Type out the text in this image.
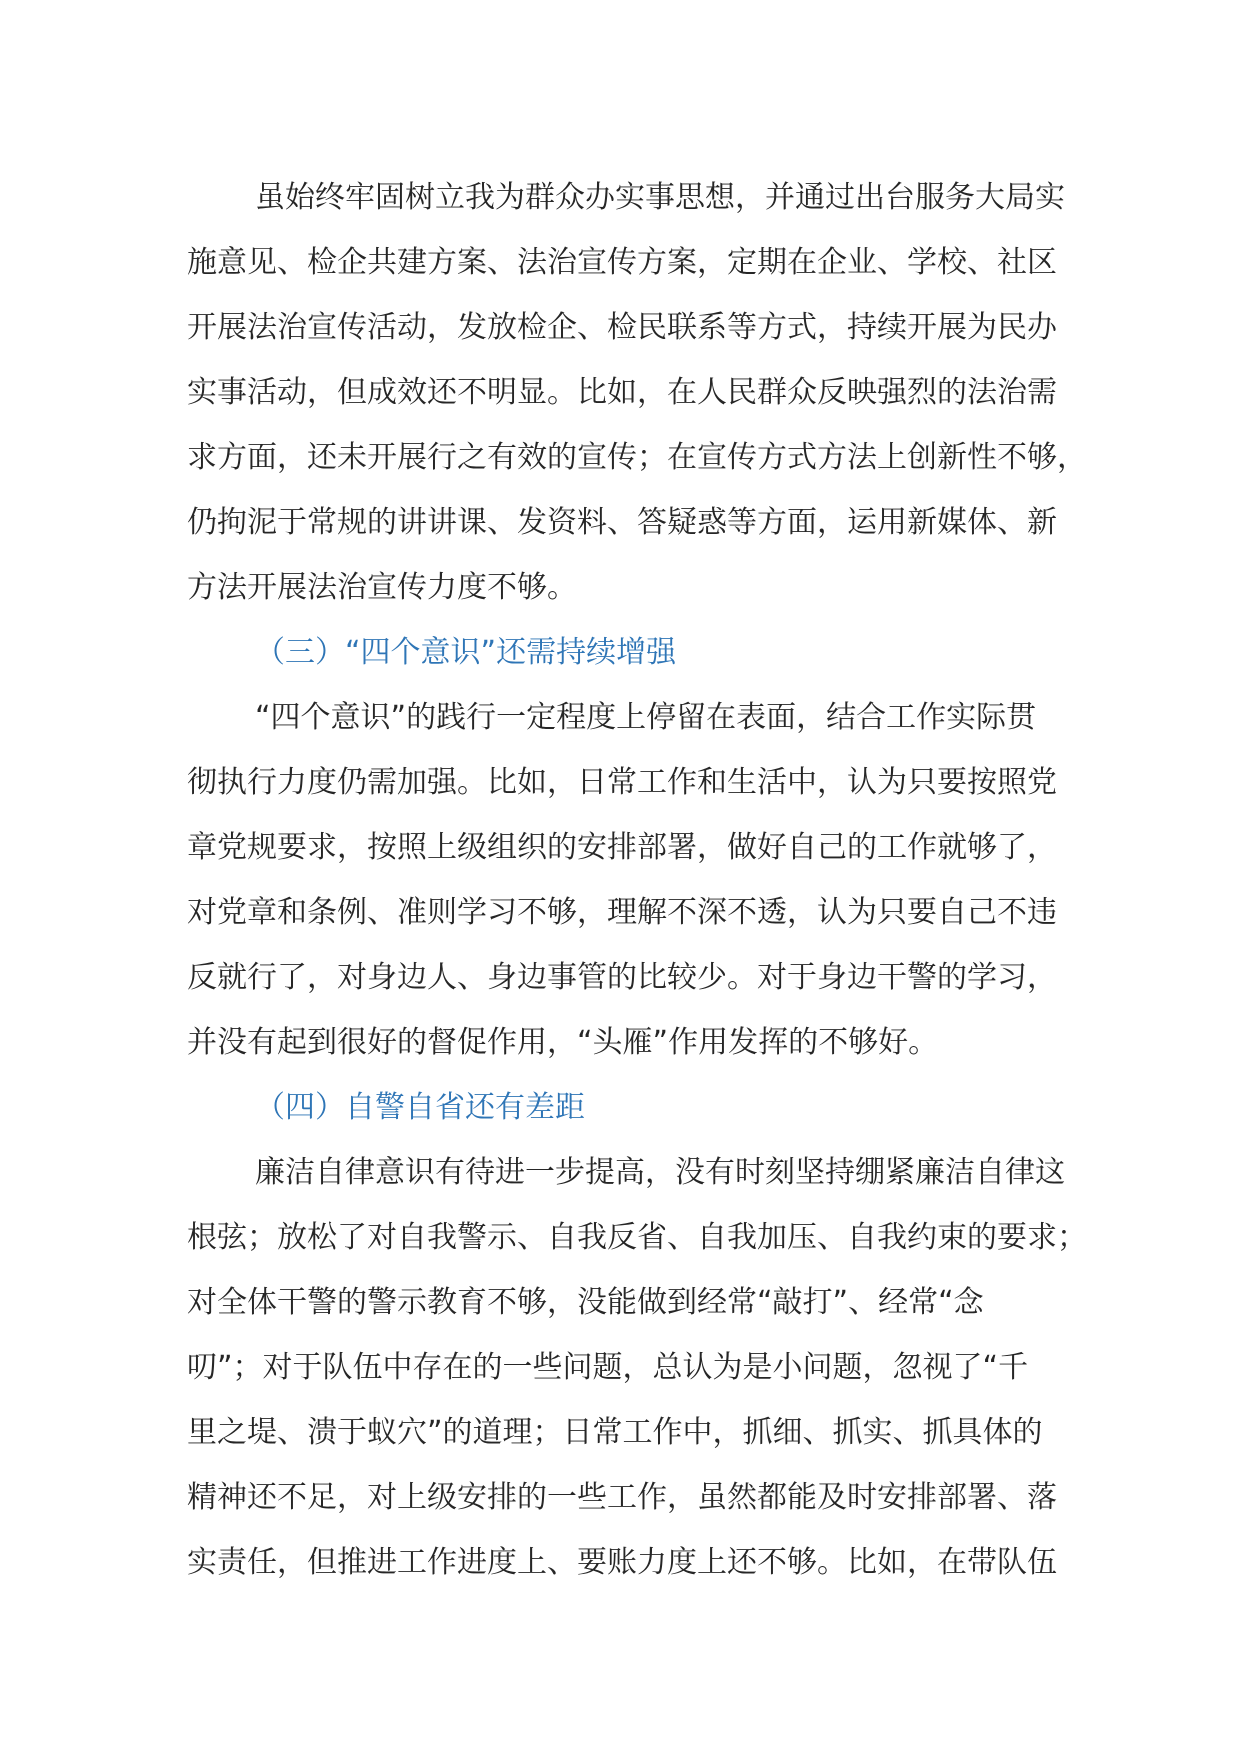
虽始终牢固树立我为群众办实事思想，并通过出台服务大局实
施意见、检企共建方案、法治宣传方案，定期在企业、学校、社区
开展法治宣传活动，发放检企、检民联系等方式，持续开展为民办
实事活动，但成效还不明显。比如，在人民群众反映强烈的法治需
求方面，还未开展行之有效的宣传；在宣传方式方法上创新性不够，
仍拘泥于常规的讲讲课、发资料、答疑惑等方面，运用新媒体、新
方法开展法治宣传力度不够。
（三）“四个意识”还需持续增强
“四个意识”的践行一定程度上停留在表面，结合工作实际贯
彻执行力度仍需加强。比如，日常工作和生活中，认为只要按照党
章党规要求，按照上级组织的安排部署，做好自己的工作就够了，
对党章和条例、准则学习不够，理解不深不透，认为只要自己不违
反就行了，对身边人、身边事管的比较少。对于身边干警的学习，
并没有起到很好的督促作用，“头雁”作用发挥的不够好。
（四）自警自省还有差距
廉洁自律意识有待进一步提高，没有时刻坚持绷紧廉洁自律这
根弦；放松了对自我警示、自我反省、自我加压、自我约束的要求；
对全体干警的警示教育不够，没能做到经常“敲打”、经常“念
叨”；对于队伍中存在的一些问题，总认为是小问题，忽视了“千
里之堤、溃于蚁穴”的道理；日常工作中，抓细、抓实、抓具体的
精神还不足，对上级安排的一些工作，虽然都能及时安排部署、落
实责任，但推进工作进度上、要账力度上还不够。比如，在带队伍
